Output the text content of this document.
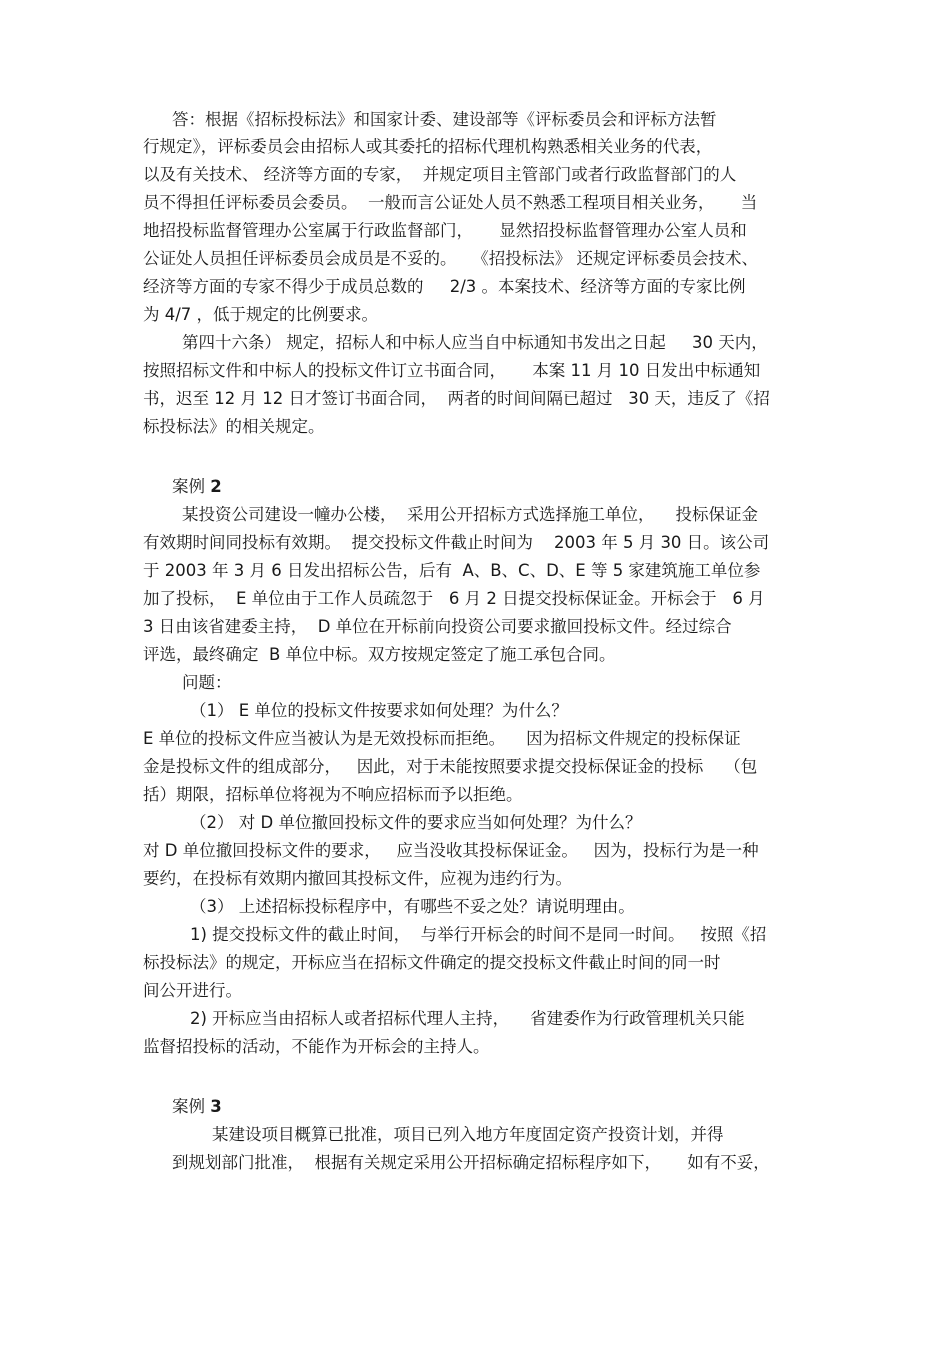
答：根据《招标投标法》和国家计委、建设部等《评标委员会和评标方法暂
行规定》，评标委员会由招标人或其委托的招标代理机构熟悉相关业务的代表，
以及有关技术、 经济等方面的专家，  并规定项目主管部门或者行政监督部门的人
员不得担任评标委员会委员。  一般而言公证处人员不熟悉工程项目相关业务，     当
地招投标监督管理办公室属于行政监督部门，     显然招投标监督管理办公室人员和
公证处人员担任评标委员会成员是不妥的。   《招投标法》 还规定评标委员会技术、
经济等方面的专家不得少于成员总数的     2/3 。本案技术、经济等方面的专家比例
为 4/7 ，低于规定的比例要求。
第四十六条） 规定，招标人和中标人应当自中标通知书发出之日起     30 天内，
按照招标文件和中标人的投标文件订立书面合同，     本案 11 月 10 日发出中标通知
书，迟至 12 月 12 日才签订书面合同，  两者的时间间隔已超过   30 天，违反了《招
标投标法》的相关规定。
案例 2
某投资公司建设一幢办公楼，  采用公开招标方式选择施工单位，    投标保证金
有效期时间同投标有效期。  提交投标文件截止时间为    2003 年 5 月 30 日。该公司
于 2003 年 3 月 6 日发出招标公告，后有  A、B、C、D、E 等 5 家建筑施工单位参
加了投标，  E 单位由于工作人员疏忽于   6 月 2 日提交投标保证金。开标会于   6 月
3 日由该省建委主持，  D 单位在开标前向投资公司要求撤回投标文件。经过综合
评选，最终确定  B 单位中标。双方按规定签定了施工承包合同。
问题：
（1） E 单位的投标文件按要求如何处理？为什么？
E 单位的投标文件应当被认为是无效投标而拒绝。    因为招标文件规定的投标保证
金是投标文件的组成部分，   因此，对于未能按照要求提交投标保证金的投标    （包
括）期限，招标单位将视为不响应招标而予以拒绝。
（2） 对 D 单位撤回投标文件的要求应当如何处理？为什么？
对 D 单位撤回投标文件的要求，   应当没收其投标保证金。   因为，投标行为是一种
要约，在投标有效期内撤回其投标文件，应视为违约行为。
（3） 上述招标投标程序中，有哪些不妥之处？请说明理由。
1) 提交投标文件的截止时间，  与举行开标会的时间不是同一时间。   按照《招
标投标法》的规定，开标应当在招标文件确定的提交投标文件截止时间的同一时
间公开进行。
2) 开标应当由招标人或者招标代理人主持，    省建委作为行政管理机关只能
监督招投标的活动，不能作为开标会的主持人。
案例 3
某建设项目概算已批准，项目已列入地方年度固定资产投资计划，并得
到规划部门批准，  根据有关规定采用公开招标确定招标程序如下，     如有不妥，
